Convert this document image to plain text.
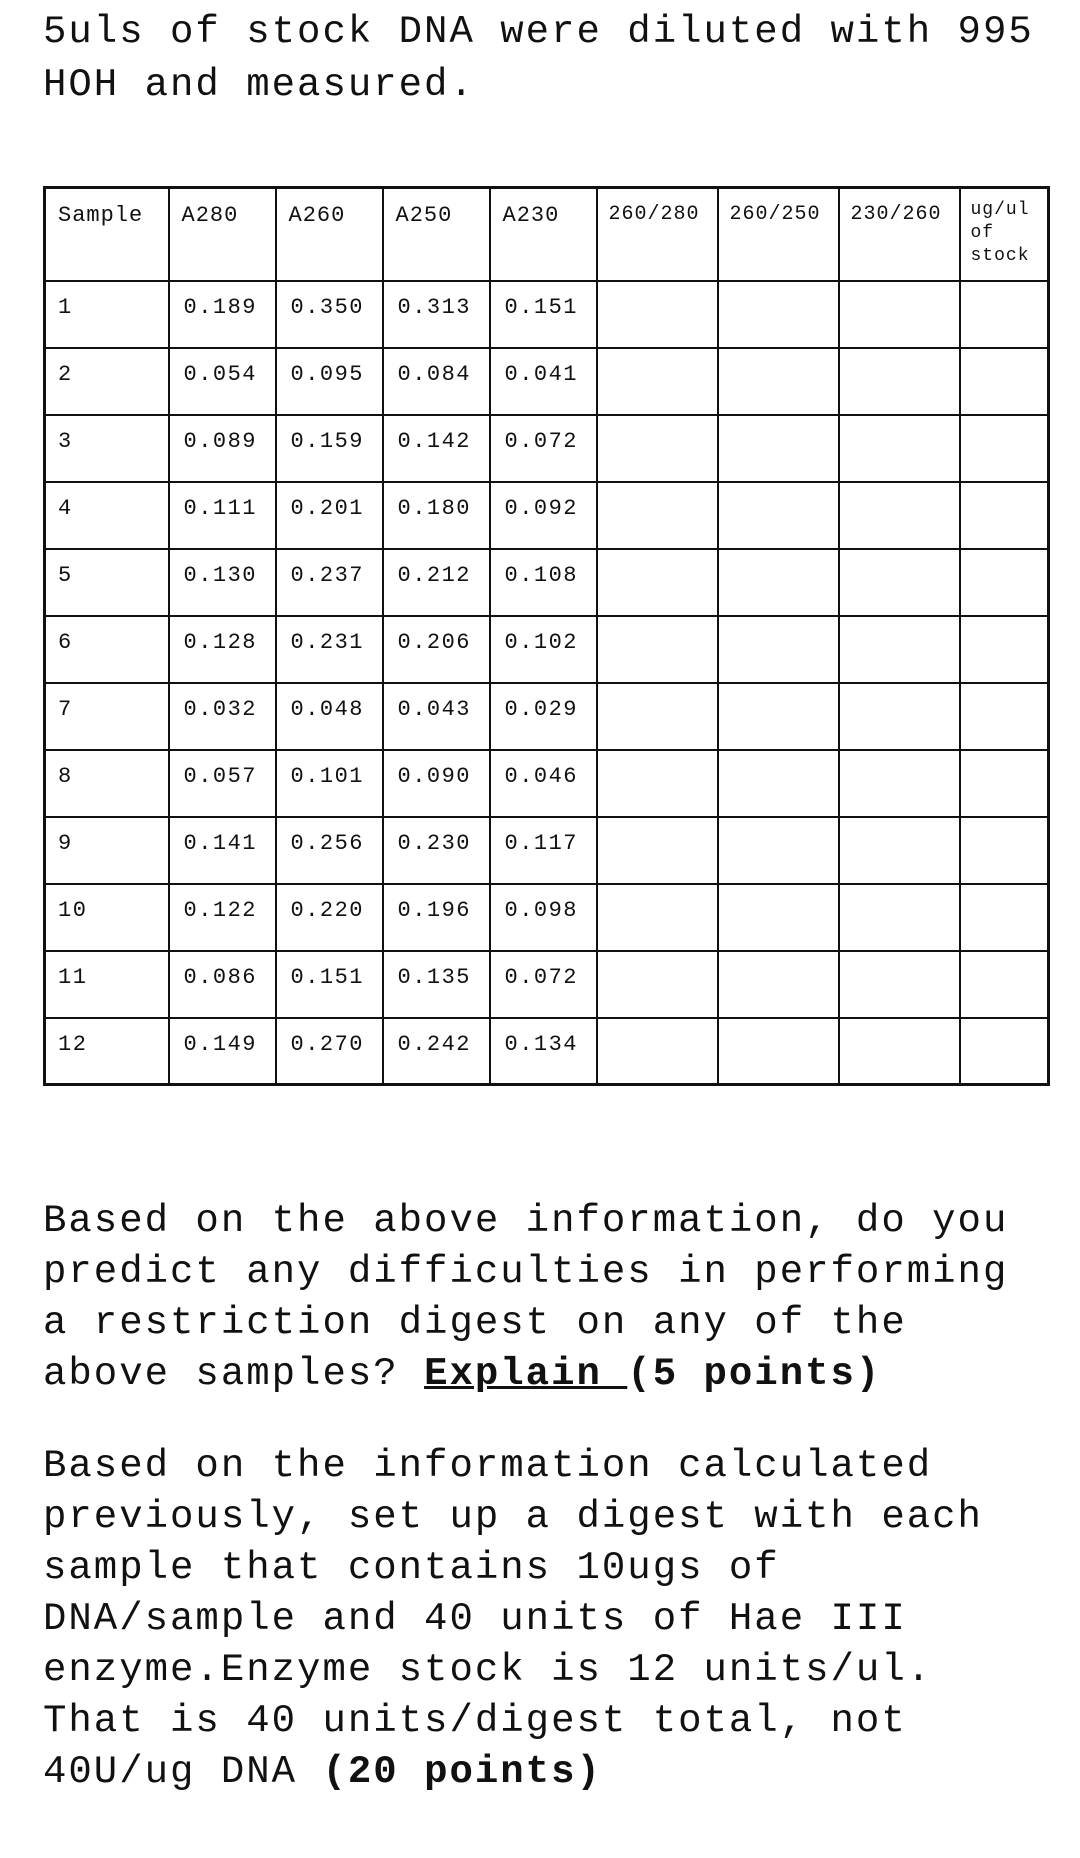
5uls of stock DNA were diluted with 995 HOH and measured.

Sample	A280	A260	A250	A230	260/280	260/250	230/260	ug/ul of stock
1	0.189	0.350	0.313	0.151				
2	0.054	0.095	0.084	0.041				
3	0.089	0.159	0.142	0.072				
4	0.111	0.201	0.180	0.092				
5	0.130	0.237	0.212	0.108				
6	0.128	0.231	0.206	0.102				
7	0.032	0.048	0.043	0.029				
8	0.057	0.101	0.090	0.046				
9	0.141	0.256	0.230	0.117				
10	0.122	0.220	0.196	0.098				
11	0.086	0.151	0.135	0.072				
12	0.149	0.270	0.242	0.134				

Based on the above information, do you predict any difficulties in performing a restriction digest on any of the above samples? Explain (5 points)

Based on the information calculated previously, set up a digest with each sample that contains 10ugs of DNA/sample and 40 units of Hae III enzyme.Enzyme stock is 12 units/ul. That is 40 units/digest total, not 40U/ug DNA (20 points)
